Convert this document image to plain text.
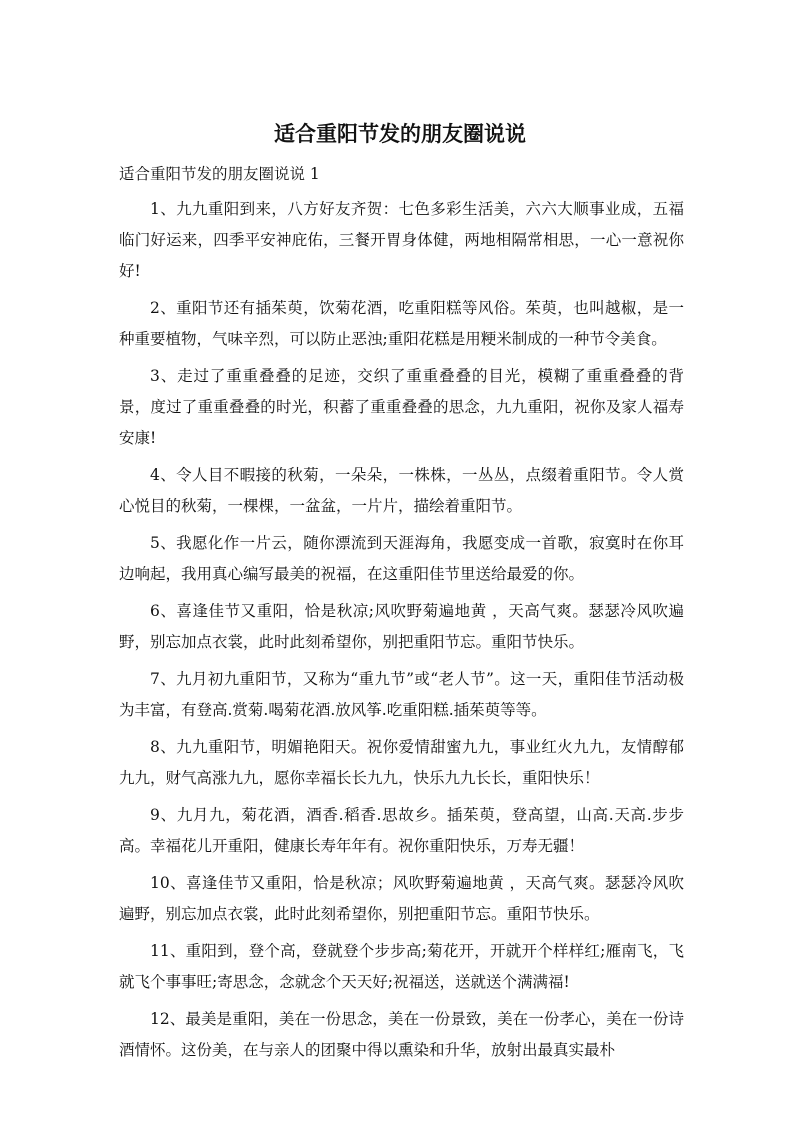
适合重阳节发的朋友圈说说
适合重阳节发的朋友圈说说 1

1、九九重阳到来，八方好友齐贺：七色多彩生活美，六六大顺事业成，五福临门好运来，四季平安神庇佑，三餐开胃身体健，两地相隔常相思，一心一意祝你好!

2、重阳节还有插茱萸，饮菊花酒，吃重阳糕等风俗。茱萸，也叫越椒，是一种重要植物，气味辛烈，可以防止恶浊;重阳花糕是用粳米制成的一种节令美食。

3、走过了重重叠叠的足迹，交织了重重叠叠的目光，模糊了重重叠叠的背景，度过了重重叠叠的时光，积蓄了重重叠叠的思念，九九重阳，祝你及家人福寿安康!

4、令人目不暇接的秋菊，一朵朵，一株株，一丛丛，点缀着重阳节。令人赏心悦目的秋菊，一棵棵，一盆盆，一片片，描绘着重阳节。

5、我愿化作一片云，随你漂流到天涯海角，我愿变成一首歌，寂寞时在你耳边响起，我用真心编写最美的祝福，在这重阳佳节里送给最爱的你。

6、喜逢佳节又重阳，恰是秋凉;风吹野菊遍地黄 ，天高气爽。瑟瑟冷风吹遍野，别忘加点衣裳，此时此刻希望你，别把重阳节忘。重阳节快乐。

7、九月初九重阳节，又称为“重九节”或“老人节”。这一天，重阳佳节活动极为丰富，有登高.赏菊.喝菊花酒.放风筝.吃重阳糕.插茱萸等等。

8、九九重阳节，明媚艳阳天。祝你爱情甜蜜九九，事业红火九九，友情醇郁九九，财气高涨九九，愿你幸福长长九九，快乐九九长长，重阳快乐！

9、九月九，菊花酒，酒香.稻香.思故乡。插茱萸，登高望，山高.天高.步步高。幸福花儿开重阳，健康长寿年年有。祝你重阳快乐，万寿无疆！

10、喜逢佳节又重阳，恰是秋凉；风吹野菊遍地黄 ，天高气爽。瑟瑟冷风吹遍野，别忘加点衣裳，此时此刻希望你，别把重阳节忘。重阳节快乐。

11、重阳到，登个高，登就登个步步高;菊花开，开就开个样样红;雁南飞，飞就飞个事事旺;寄思念，念就念个天天好;祝福送，送就送个满满福!

12、最美是重阳，美在一份思念，美在一份景致，美在一份孝心，美在一份诗酒情怀。这份美，在与亲人的团聚中得以熏染和升华，放射出最真实最朴
